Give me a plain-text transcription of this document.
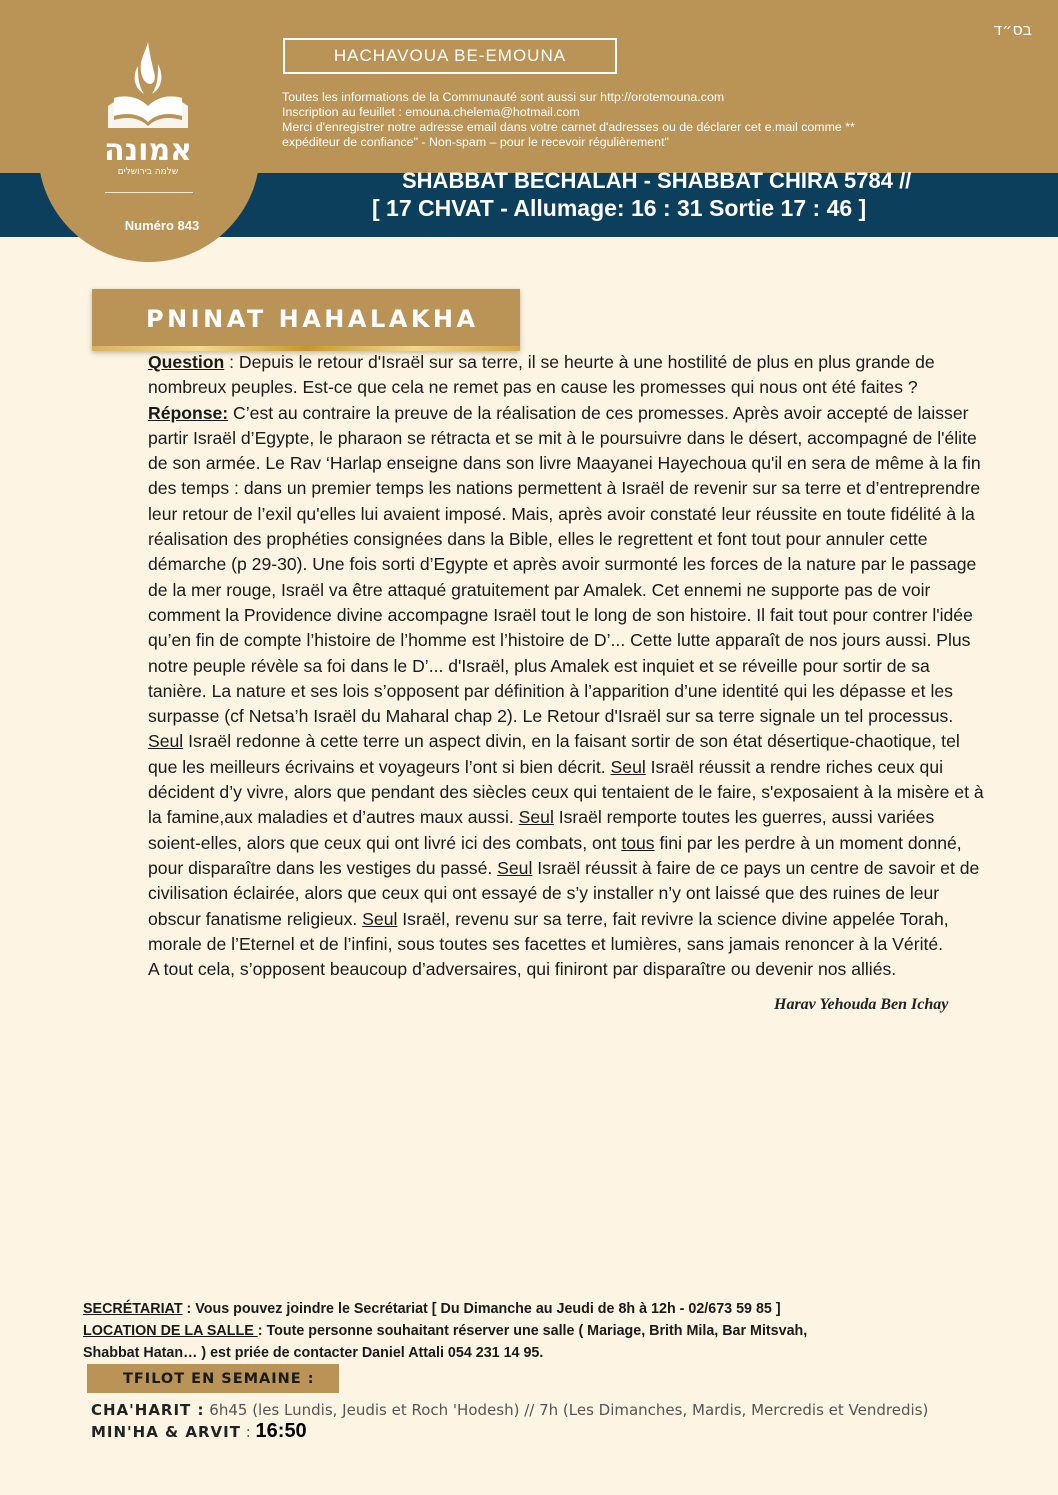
בס״ד
אמונה
שלמה בירושלים
Numéro 843
HACHAVOUA BE-EMOUNA
Toutes les informations de la Communauté sont aussi sur http://orotemouna.com
Inscription au feuillet : emouna.chelema@hotmail.com
Merci d'enregistrer notre adresse email dans votre carnet d'adresses ou de déclarer cet e.mail comme **
expéditeur de confiance" - Non-spam – pour le recevoir régulièrement"
SHABBAT BECHALAH - SHABBAT CHIRA 5784 //
[ 17 CHVAT - Allumage: 16 : 31 Sortie 17 : 46 ]
PNINAT HAHALAKHA
Question : Depuis le retour d'Israël sur sa terre, il se heurte à une hostilité de plus en plus grande de
nombreux peuples. Est-ce que cela ne remet pas en cause les promesses qui nous ont été faites ?
Réponse: C’est au contraire la preuve de la réalisation de ces promesses. Après avoir accepté de laisser
partir Israël d’Egypte, le pharaon se rétracta et se mit à le poursuivre dans le désert, accompagné de l'élite
de son armée. Le Rav ‘Harlap enseigne dans son livre Maayanei Hayechoua qu'il en sera de même à la fin
des temps : dans un premier temps les nations permettent à Israël de revenir sur sa terre et d’entreprendre
leur retour de l’exil qu'elles lui avaient imposé. Mais, après avoir constaté leur réussite en toute fidélité à la
réalisation des prophéties consignées dans la Bible, elles le regrettent et font tout pour annuler cette
démarche (p 29-30). Une fois sorti d’Egypte et après avoir surmonté les forces de la nature par le passage
de la mer rouge, Israël va être attaqué gratuitement par Amalek. Cet ennemi ne supporte pas de voir
comment la Providence divine accompagne Israël tout le long de son histoire. Il fait tout pour contrer l'idée
qu’en fin de compte l’histoire de l’homme est l’histoire de D’... Cette lutte apparaît de nos jours aussi. Plus
notre peuple révèle sa foi dans le D’... d'Israël, plus Amalek est inquiet et se réveille pour sortir de sa
tanière. La nature et ses lois s’opposent par définition à l’apparition d’une identité qui les dépasse et les
surpasse (cf Netsa’h Israël du Maharal chap 2). Le Retour d'Israël sur sa terre signale un tel processus.
Seul Israël redonne à cette terre un aspect divin, en la faisant sortir de son état désertique-chaotique, tel
que les meilleurs écrivains et voyageurs l’ont si bien décrit. Seul Israël réussit a rendre riches ceux qui
décident d’y vivre, alors que pendant des siècles ceux qui tentaient de le faire, s'exposaient à la misère et à
la famine,aux maladies et d’autres maux aussi. Seul Israël remporte toutes les guerres, aussi variées
soient-elles, alors que ceux qui ont livré ici des combats, ont tous fini par les perdre à un moment donné,
pour disparaître dans les vestiges du passé. Seul Israël réussit à faire de ce pays un centre de savoir et de
civilisation éclairée, alors que ceux qui ont essayé de s’y installer n’y ont laissé que des ruines de leur
obscur fanatisme religieux. Seul Israël, revenu sur sa terre, fait revivre la science divine appelée Torah,
morale de l’Eternel et de l’infini, sous toutes ses facettes et lumières, sans jamais renoncer à la Vérité.
A tout cela, s’opposent beaucoup d’adversaires, qui finiront par disparaître ou devenir nos alliés.
Harav Yehouda Ben Ichay
SECRÉTARIAT : Vous pouvez joindre le Secrétariat [ Du Dimanche au Jeudi de 8h à 12h - 02/673 59 85 ]
LOCATION DE LA SALLE : Toute personne souhaitant réserver une salle ( Mariage, Brith Mila, Bar Mitsvah,
Shabbat Hatan… ) est priée de contacter Daniel Attali 054 231 14 95.
TFILOT EN SEMAINE :
CHA'HARIT : 6h45 (les Lundis, Jeudis et Roch 'Hodesh) // 7h (Les Dimanches, Mardis, Mercredis et Vendredis)
MIN'HA & ARVIT : 16:50
